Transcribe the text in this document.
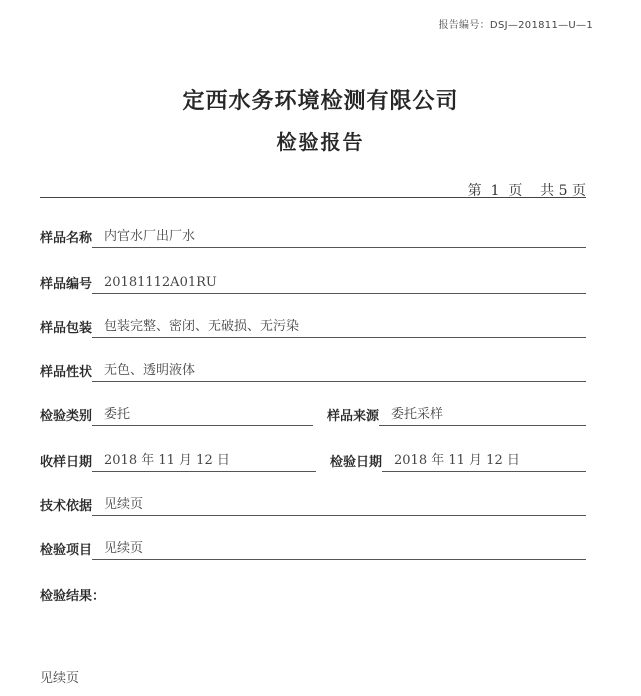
报告编号：DSJ—201811—U—1
定西水务环境检测有限公司
检验报告
第  1  页    共 5 页
样品名称 内官水厂出厂水
样品编号 20181112A01RU
样品包装 包装完整、密闭、无破损、无污染
样品性状 无色、透明液体
检验类别 委托	样品来源 委托采样
收样日期 2018 年 11 月 12 日	检验日期 2018 年 11 月 12 日
技术依据 见续页
检验项目 见续页
检验结果：
见续页
